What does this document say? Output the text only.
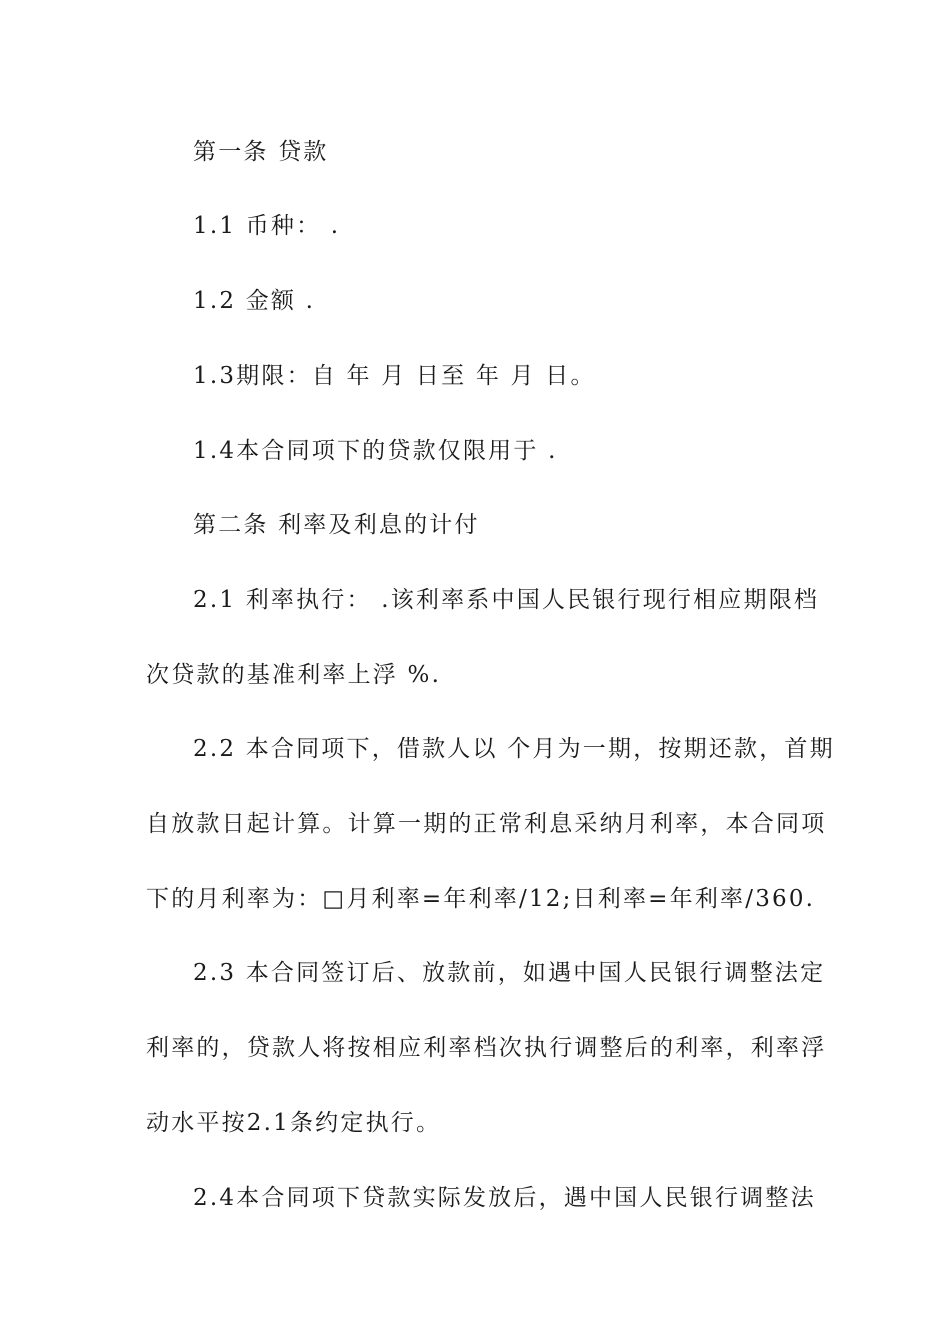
第一条 贷款
1.1 币种： .
1.2 金额 .
1.3期限：自 年 月 日至 年 月 日。
1.4本合同项下的贷款仅限用于 .
第二条 利率及利息的计付
2.1 利率执行： .该利率系中国人民银行现行相应期限档
次贷款的基准利率上浮 %.
2.2 本合同项下，借款人以 个月为一期，按期还款，首期
自放款日起计算。计算一期的正常利息采纳月利率，本合同项
下的月利率为：□月利率=年利率/12;日利率=年利率/360.
2.3 本合同签订后、放款前，如遇中国人民银行调整法定
利率的，贷款人将按相应利率档次执行调整后的利率，利率浮
动水平按2.1条约定执行。
2.4本合同项下贷款实际发放后，遇中国人民银行调整法
